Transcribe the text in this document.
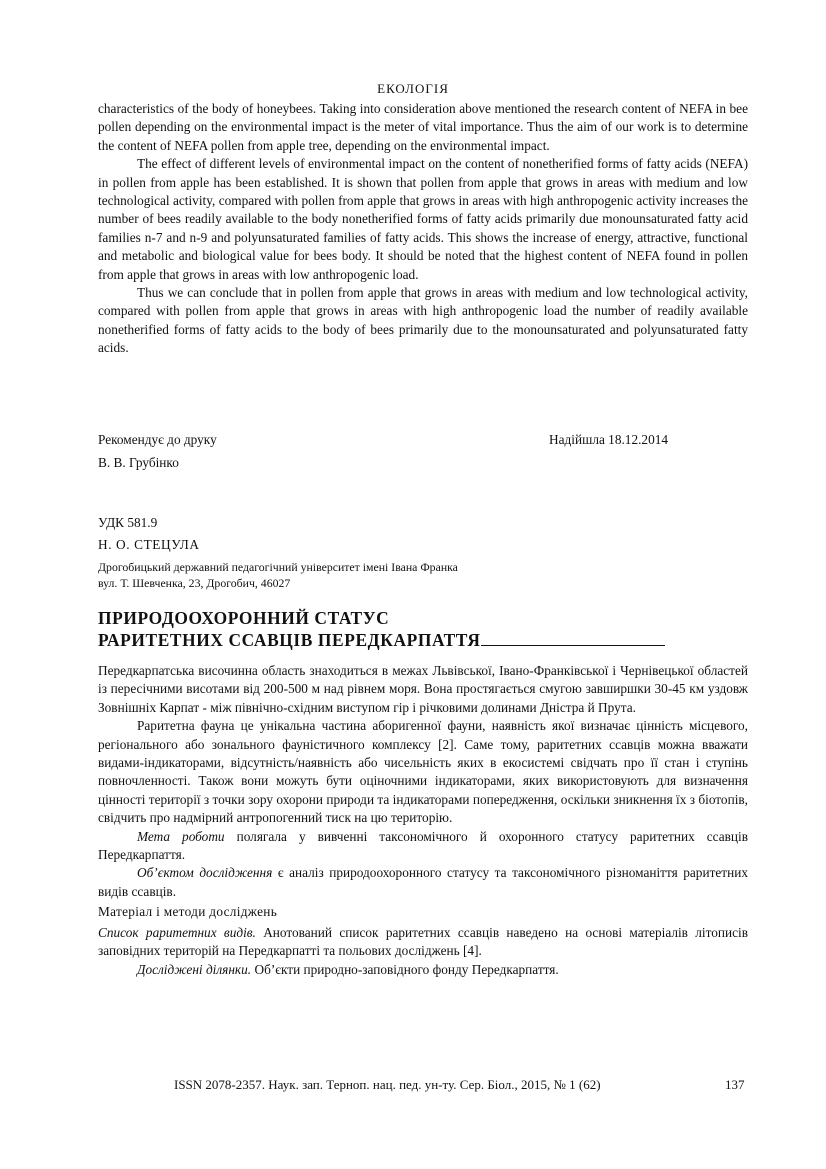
ЕКОЛОГІЯ

characteristics of the body of honeybees. Taking into consideration above mentioned the research content of NEFA in bee pollen depending on the environmental impact is the meter of vital importance. Thus the aim of our work is to determine the content of NEFA pollen from apple tree, depending on the environmental impact.

The effect of different levels of environmental impact on the content of nonetherified forms of fatty acids (NEFA) in pollen from apple has been established. It is shown that pollen from apple that grows in areas with medium and low technological activity, compared with pollen from apple that grows in areas with high anthropogenic activity increases the number of bees readily available to the body nonetherified forms of fatty acids primarily due monounsaturated fatty acid families n-7 and n-9 and polyunsaturated families of fatty acids. This shows the increase of energy, attractive, functional and metabolic and biological value for bees body. It should be noted that the highest content of NEFA found in pollen from apple that grows in areas with low anthropogenic load.

Thus we can conclude that in pollen from apple that grows in areas with medium and low technological activity, compared with pollen from apple that grows in areas with high anthropogenic load the number of readily available nonetherified forms of fatty acids to the body of bees primarily due to the monounsaturated and polyunsaturated fatty acids.

Рекомендує до друку	Надійшла 18.12.2014
В. В. Грубінко
УДК 581.9
Н. О. СТЕЦУЛА
Дрогобицький державний педагогічний університет імені Івана Франка
вул. Т. Шевченка, 23, Дрогобич, 46027
ПРИРОДООХОРОННИЙ СТАТУС
РАРИТЕТНИХ ССАВЦІВ ПЕРЕДКАРПАТТЯ

Передкарпатська височинна область знаходиться в межах Львівської, Івано-Франківської і Чернівецької областей із пересічними висотами від 200-500 м над рівнем моря. Вона простягається смугою завширшки 30-45 км уздовж Зовнішніх Карпат - між північно-східним виступом гір і річковими долинами Дністра й Прута.

Раритетна фауна це унікальна частина аборигенної фауни, наявність якої визначає цінність місцевого, регіонального або зонального фауністичного комплексу [2]. Саме тому, раритетних ссавців можна вважати видами-індикаторами, відсутність/наявність або чисельність яких в екосистемі свідчать про її стан і ступінь повночленності. Також вони можуть бути оціночними індикаторами, яких використовують для визначення цінності території з точки зору охорони природи та індикаторами попередження, оскільки зникнення їх з біотопів, свідчить про надмірний антропогенний тиск на цю територію.

Мета роботи полягала у вивченні таксономічного й охоронного статусу раритетних ссавців Передкарпаття.

Об’єктом дослідження є аналіз природоохоронного статусу та таксономічного різноманіття раритетних видів ссавців.

Матеріал і методи досліджень

Список раритетних видів. Анотований список раритетних ссавців наведено на основі матеріалів літописів заповідних територій на Передкарпатті та польових досліджень [4].

Досліджені ділянки. Об’єкти природно-заповідного фонду Передкарпаття.

ISSN 2078-2357. Наук. зап. Терноп. нац. пед. ун-ту. Сер. Біол., 2015, № 1 (62)	137
